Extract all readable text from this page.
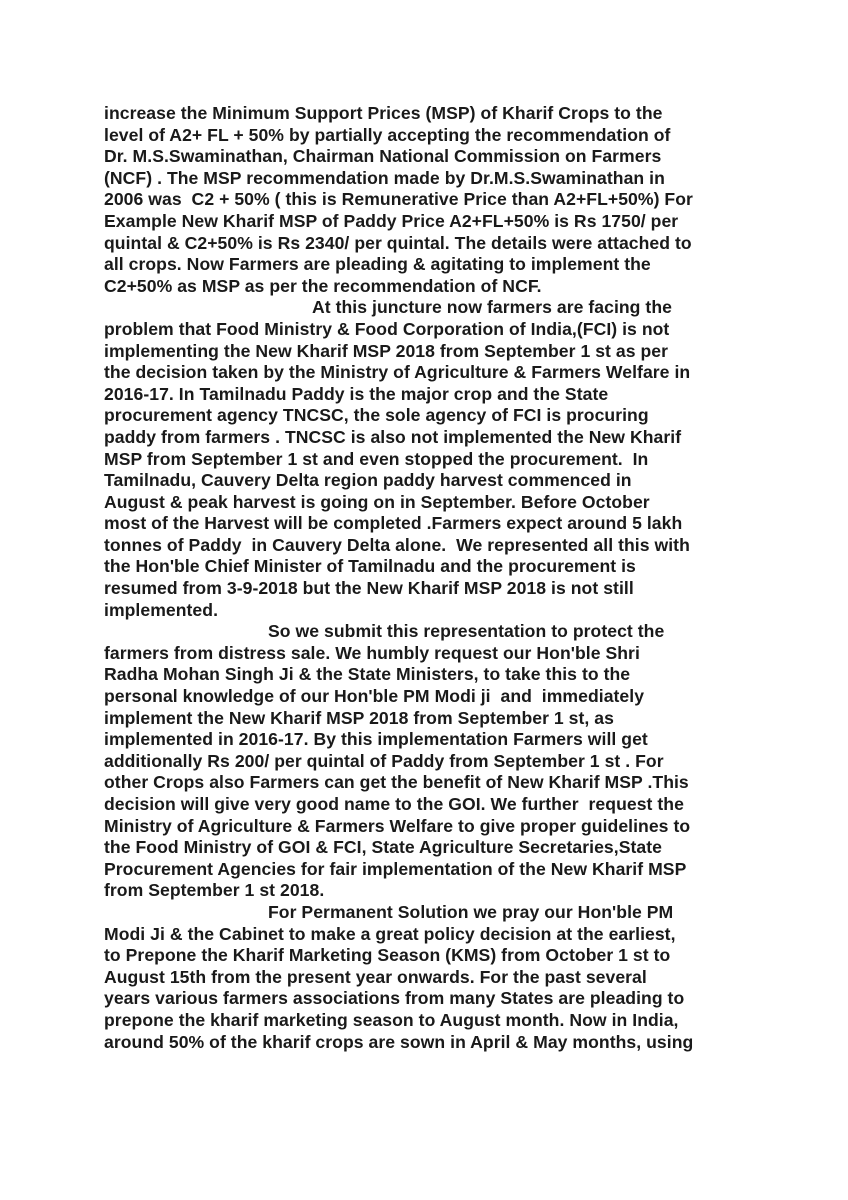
increase the Minimum Support Prices (MSP) of Kharif Crops to the
level of A2+ FL + 50% by partially accepting the recommendation of
Dr. M.S.Swaminathan, Chairman National Commission on Farmers
(NCF) . The MSP recommendation made by Dr.M.S.Swaminathan in
2006 was  C2 + 50% ( this is Remunerative Price than A2+FL+50%) For
Example New Kharif MSP of Paddy Price A2+FL+50% is Rs 1750/ per
quintal & C2+50% is Rs 2340/ per quintal. The details were attached to
all crops. Now Farmers are pleading & agitating to implement the
C2+50% as MSP as per the recommendation of NCF.
At this juncture now farmers are facing the
problem that Food Ministry & Food Corporation of India,(FCI) is not
implementing the New Kharif MSP 2018 from September 1 st as per
the decision taken by the Ministry of Agriculture & Farmers Welfare in
2016-17. In Tamilnadu Paddy is the major crop and the State
procurement agency TNCSC, the sole agency of FCI is procuring
paddy from farmers . TNCSC is also not implemented the New Kharif
MSP from September 1 st and even stopped the procurement.  In
Tamilnadu, Cauvery Delta region paddy harvest commenced in
August & peak harvest is going on in September. Before October
most of the Harvest will be completed .Farmers expect around 5 lakh
tonnes of Paddy  in Cauvery Delta alone.  We represented all this with
the Hon'ble Chief Minister of Tamilnadu and the procurement is
resumed from 3-9-2018 but the New Kharif MSP 2018 is not still
implemented.
So we submit this representation to protect the
farmers from distress sale. We humbly request our Hon'ble Shri
Radha Mohan Singh Ji & the State Ministers, to take this to the
personal knowledge of our Hon'ble PM Modi ji  and  immediately
implement the New Kharif MSP 2018 from September 1 st, as
implemented in 2016-17. By this implementation Farmers will get
additionally Rs 200/ per quintal of Paddy from September 1 st . For
other Crops also Farmers can get the benefit of New Kharif MSP .This
decision will give very good name to the GOI. We further  request the
Ministry of Agriculture & Farmers Welfare to give proper guidelines to
the Food Ministry of GOI & FCI, State Agriculture Secretaries,State
Procurement Agencies for fair implementation of the New Kharif MSP
from September 1 st 2018.
For Permanent Solution we pray our Hon'ble PM
Modi Ji & the Cabinet to make a great policy decision at the earliest,
to Prepone the Kharif Marketing Season (KMS) from October 1 st to
August 15th from the present year onwards. For the past several
years various farmers associations from many States are pleading to
prepone the kharif marketing season to August month. Now in India,
around 50% of the kharif crops are sown in April & May months, using
